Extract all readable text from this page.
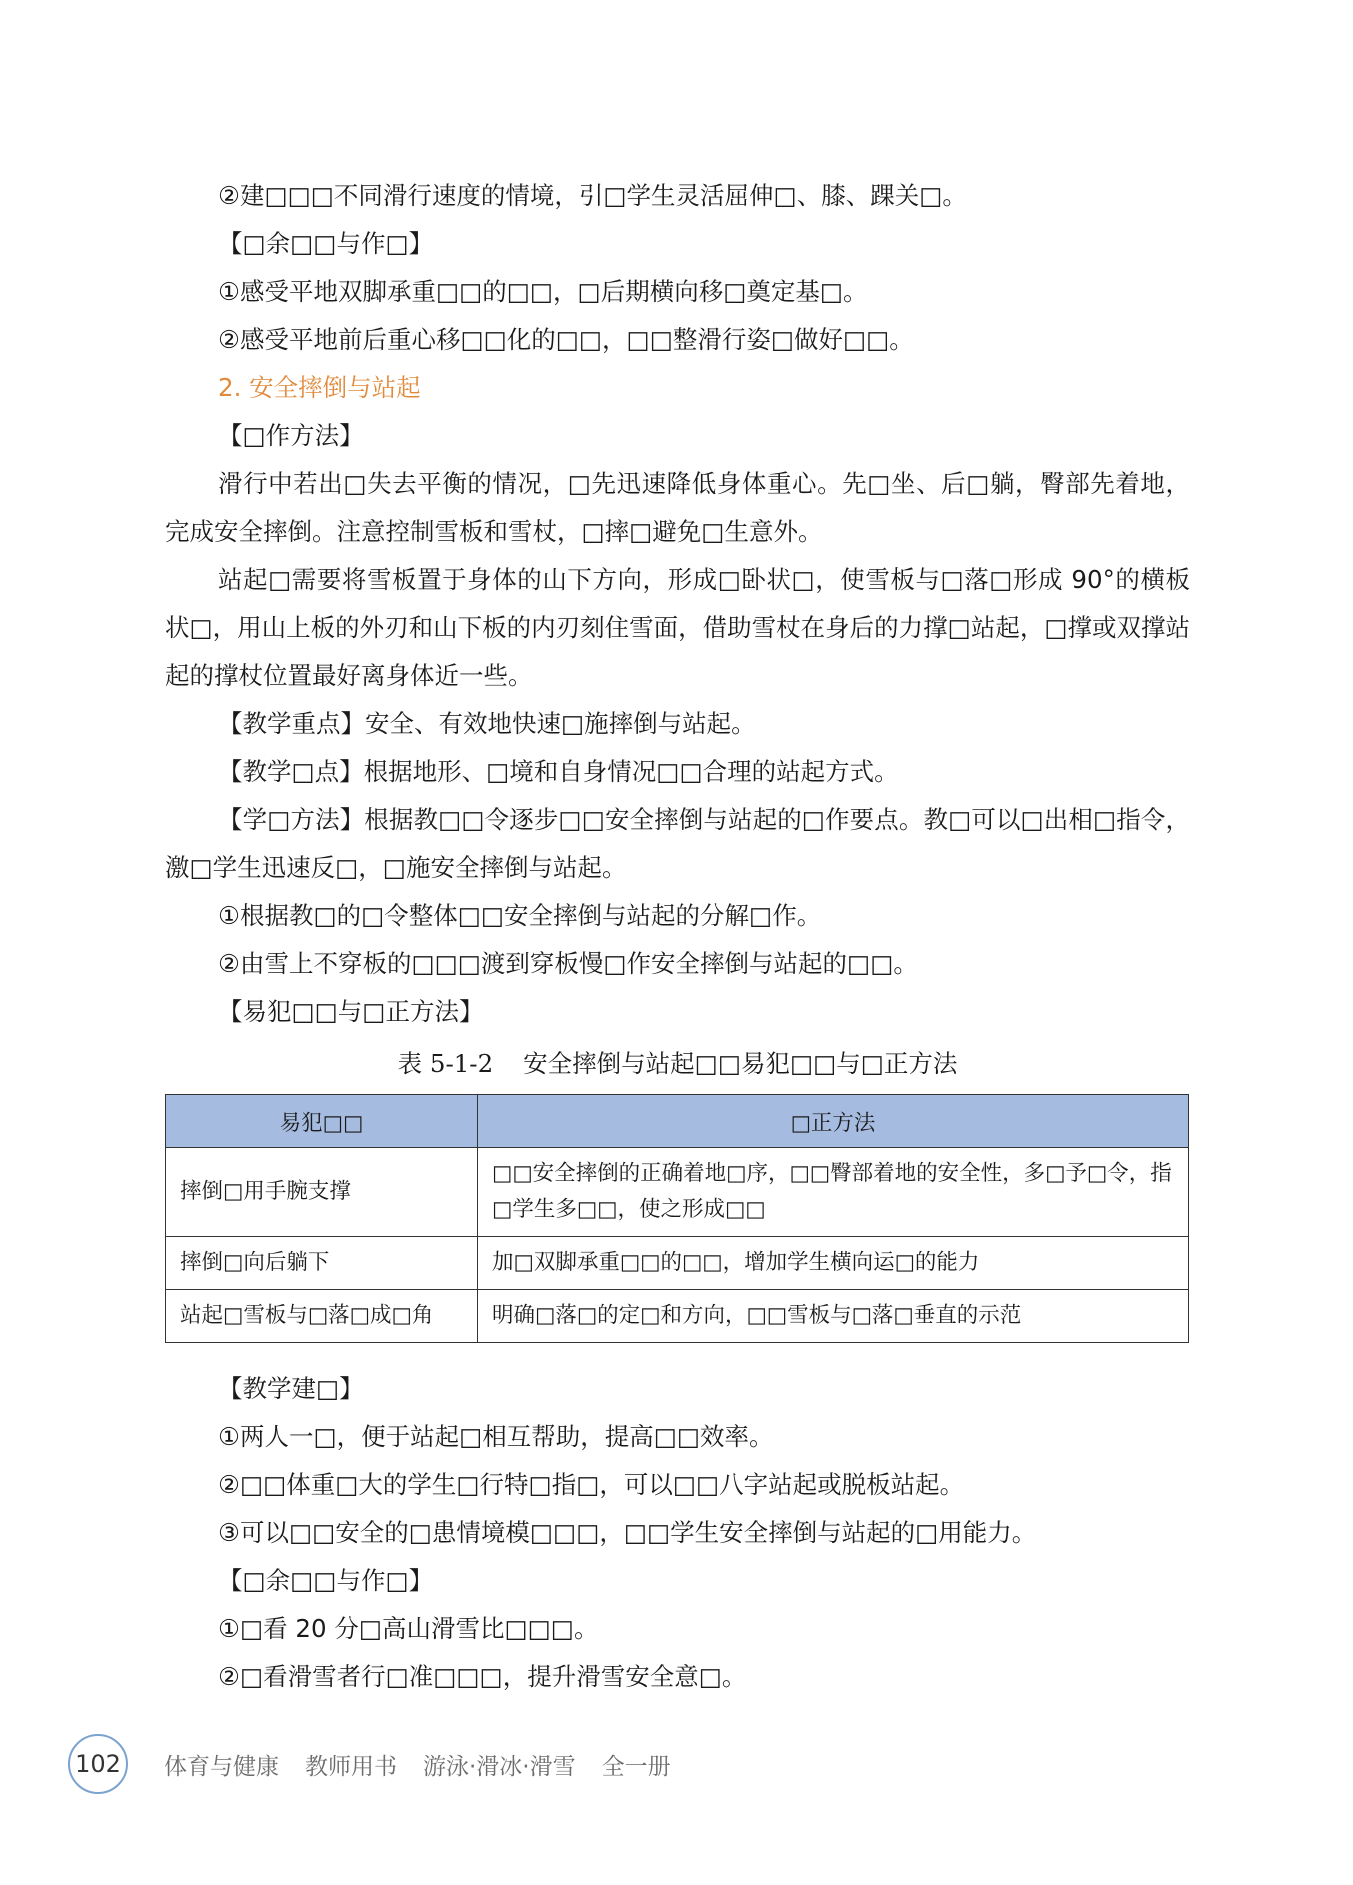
②建□□□不同滑行速度的情境，引□学生灵活屈伸□、膝、踝关□。

【□余□□与作□】

①感受平地双脚承重□□的□□，□后期横向移□奠定基□。

②感受平地前后重心移□□化的□□，□□整滑行姿□做好□□。

2. 安全摔倒与站起

【□作方法】

滑行中若出□失去平衡的情况，□先迅速降低身体重心。先□坐、后□躺，臀部先着地，完成安全摔倒。注意控制雪板和雪杖，□摔□避免□生意外。

站起□需要将雪板置于身体的山下方向，形成□卧状□，使雪板与□落□形成 90°的横板状□，用山上板的外刃和山下板的内刃刻住雪面，借助雪杖在身后的力撑□站起，□撑或双撑站起的撑杖位置最好离身体近一些。

【教学重点】安全、有效地快速□施摔倒与站起。

【教学□点】根据地形、□境和自身情况□□合理的站起方式。

【学□方法】根据教□□令逐步□□安全摔倒与站起的□作要点。教□可以□出相□指令，激□学生迅速反□，□施安全摔倒与站起。

①根据教□的□令整体□□安全摔倒与站起的分解□作。

②由雪上不穿板的□□□渡到穿板慢□作安全摔倒与站起的□□。

【易犯□□与□正方法】

表 5-1-2 安全摔倒与站起□□易犯□□与□正方法
易犯□□	□正方法
摔倒□用手腕支撑	□□安全摔倒的正确着地□序，□□臀部着地的安全性，多□予□令，指□学生多□□，使之形成□□
摔倒□向后躺下	加□双脚承重□□的□□，增加学生横向运□的能力
站起□雪板与□落□成□角	明确□落□的定□和方向，□□雪板与□落□垂直的示范

【教学建□】

①两人一□，便于站起□相互帮助，提高□□效率。

②□□体重□大的学生□行特□指□，可以□□八字站起或脱板站起。

③可以□□安全的□患情境模□□□，□□学生安全摔倒与站起的□用能力。

【□余□□与作□】

①□看 20 分□高山滑雪比□□□。

②□看滑雪者行□准□□□，提升滑雪安全意□。

102	体育与健康 教师用书 游泳·滑冰·滑雪 全一册
